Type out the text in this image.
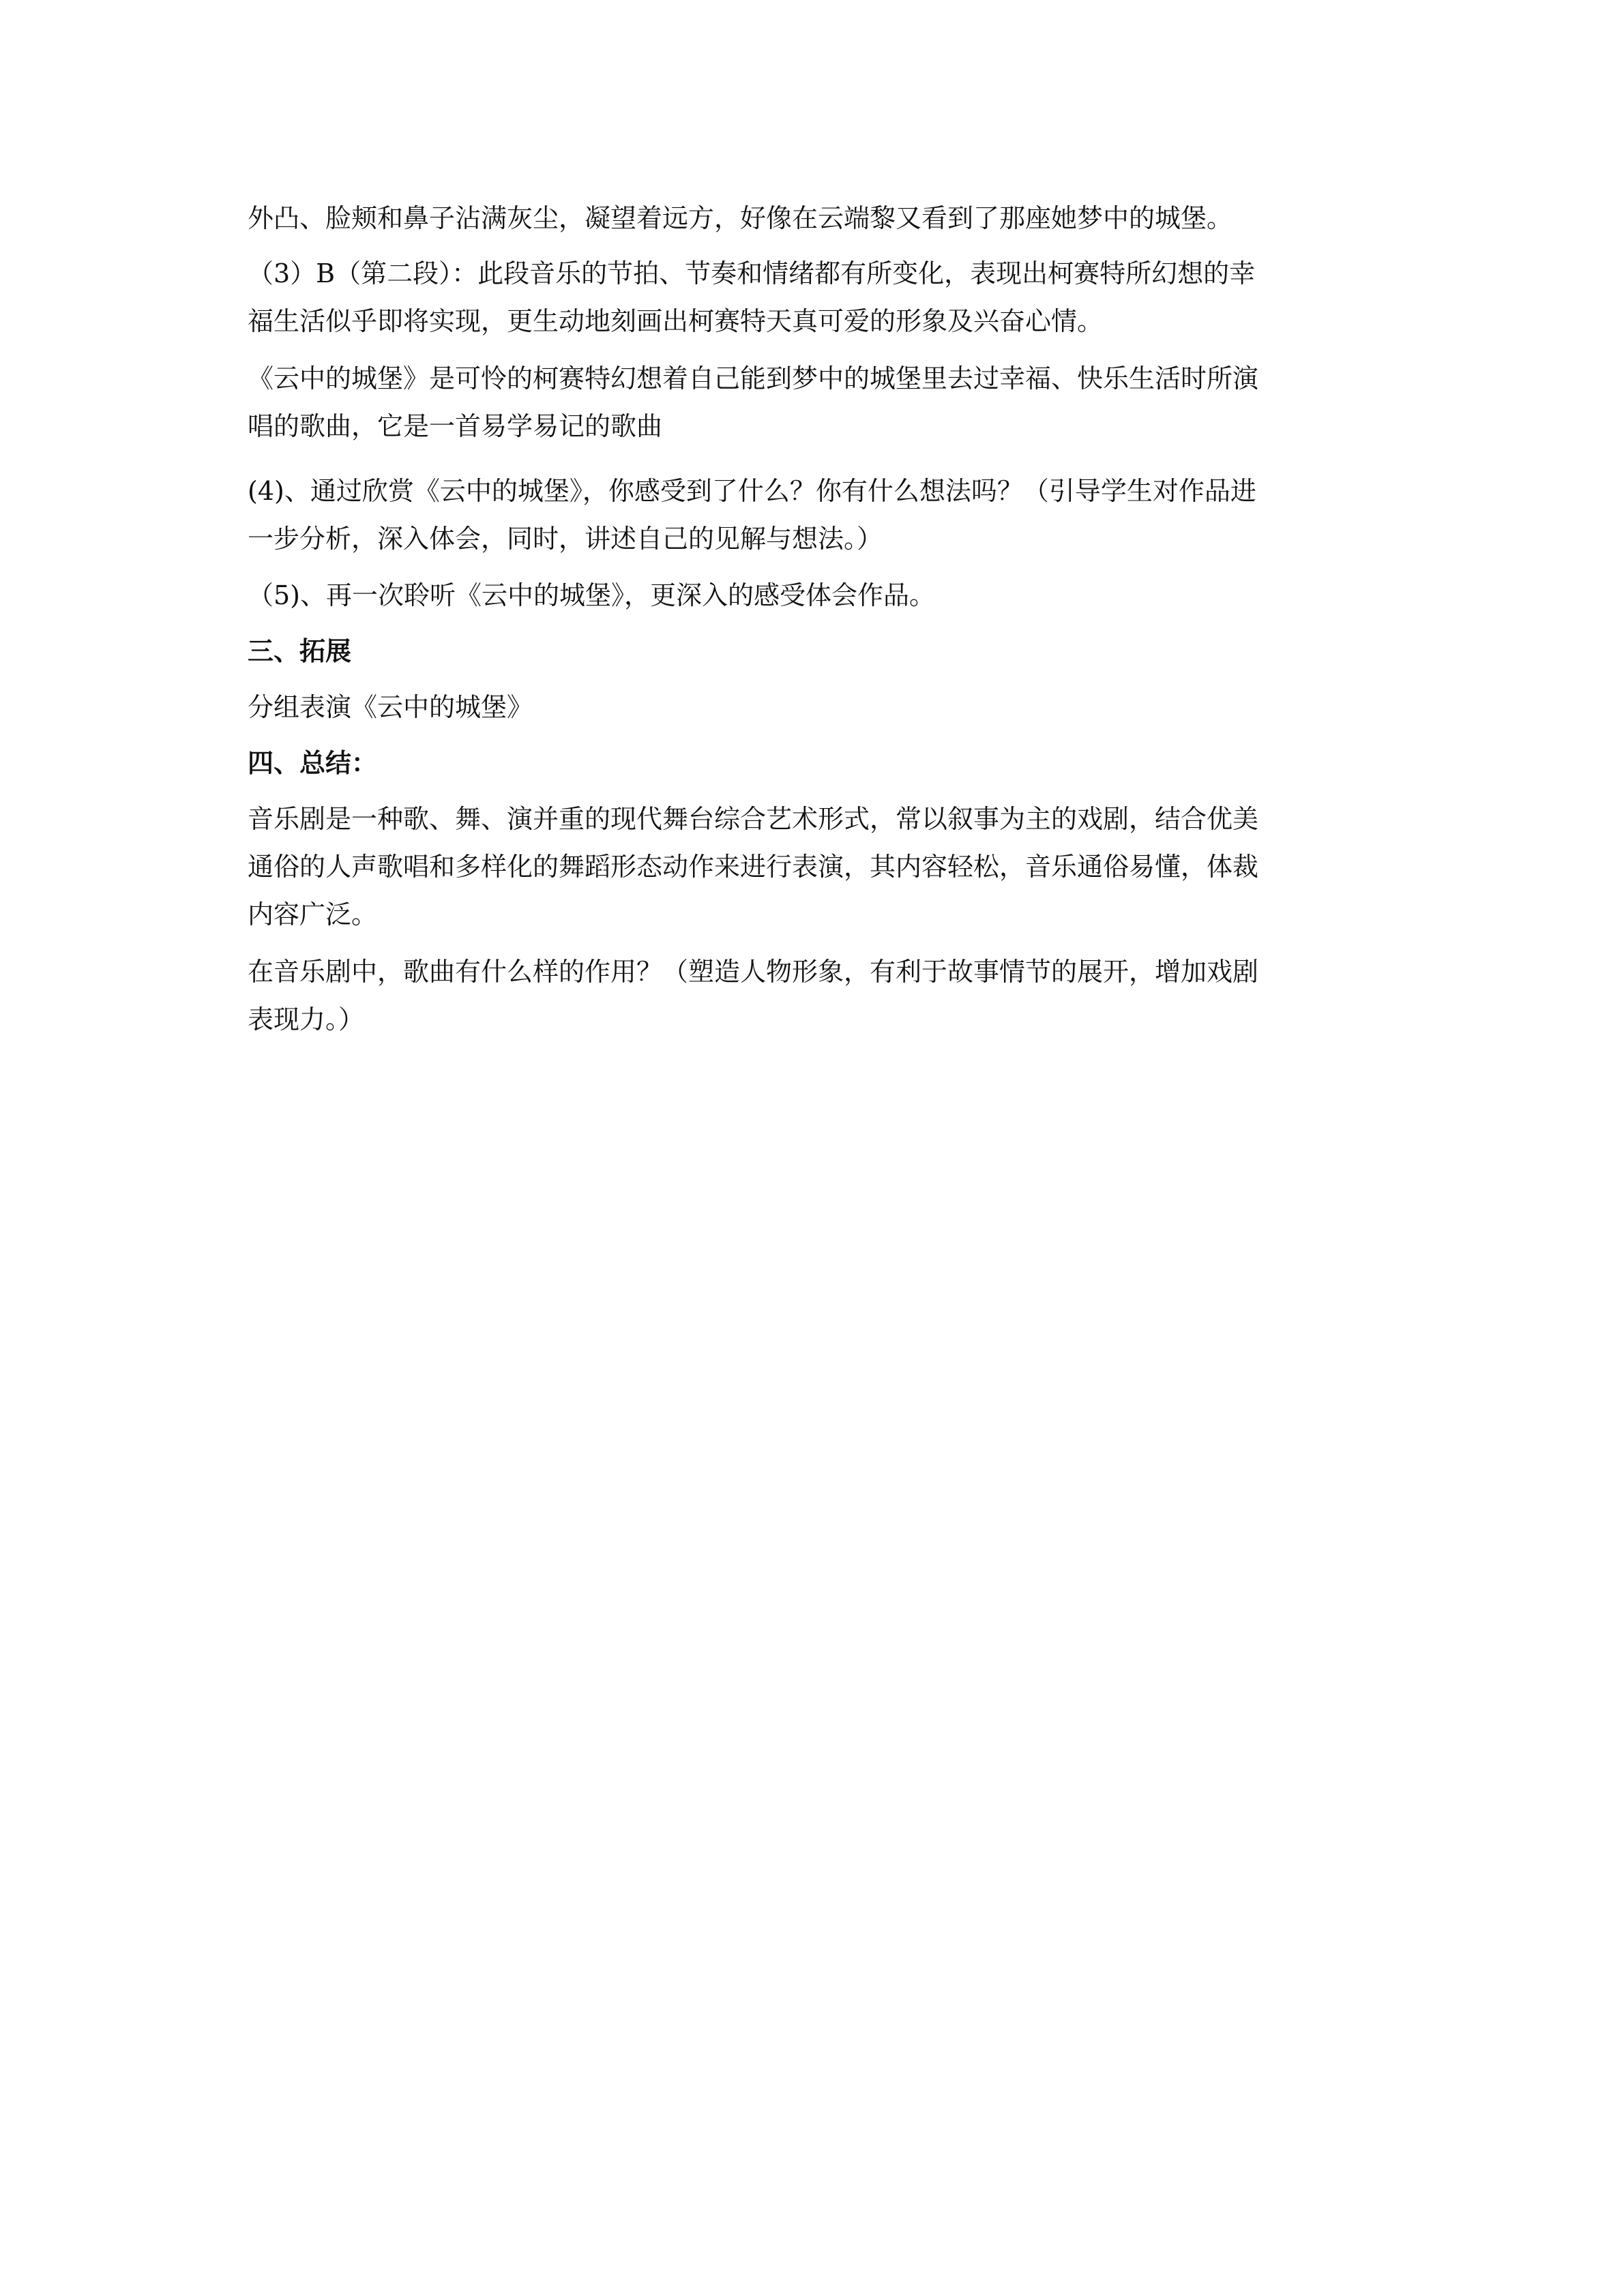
外凸、脸颊和鼻子沾满灰尘，凝望着远方，好像在云端黎又看到了那座她梦中的城堡。
（3）B（第二段）：此段音乐的节拍、节奏和情绪都有所变化，表现出柯赛特所幻想的幸
福生活似乎即将实现，更生动地刻画出柯赛特天真可爱的形象及兴奋心情。
《云中的城堡》是可怜的柯赛特幻想着自己能到梦中的城堡里去过幸福、快乐生活时所演
唱的歌曲，它是一首易学易记的歌曲
(4)、通过欣赏《云中的城堡》，你感受到了什么？你有什么想法吗？（引导学生对作品进
一步分析，深入体会，同时，讲述自己的见解与想法。）
（5)、再一次聆听《云中的城堡》，更深入的感受体会作品。
三、拓展
分组表演《云中的城堡》
四、总结：
音乐剧是一种歌、舞、演并重的现代舞台综合艺术形式，常以叙事为主的戏剧，结合优美
通俗的人声歌唱和多样化的舞蹈形态动作来进行表演，其内容轻松，音乐通俗易懂，体裁
内容广泛。
在音乐剧中，歌曲有什么样的作用？（塑造人物形象，有利于故事情节的展开，增加戏剧
表现力。）
